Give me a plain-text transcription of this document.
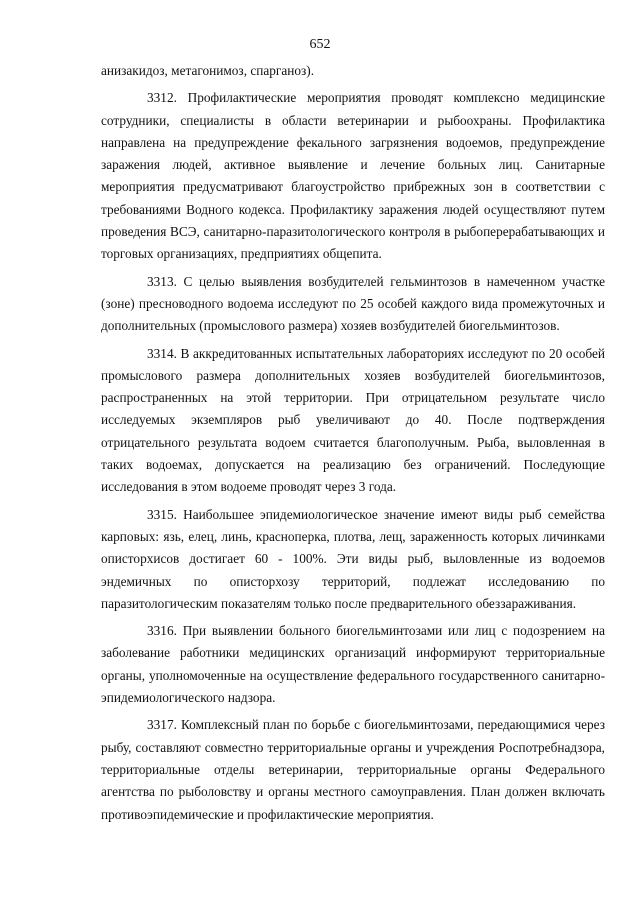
652

анизакидоз, метагонимоз, спарганоз).

3312. Профилактические мероприятия проводят комплексно медицинские сотрудники, специалисты в области ветеринарии и рыбоохраны. Профилактика направлена на предупреждение фекального загрязнения водоемов, предупреждение заражения людей, активное выявление и лечение больных лиц. Санитарные мероприятия предусматривают благоустройство прибрежных зон в соответствии с требованиями Водного кодекса. Профилактику заражения людей осуществляют путем проведения ВСЭ, санитарно-паразитологического контроля в рыбоперерабатывающих и торговых организациях, предприятиях общепита.

3313. С целью выявления возбудителей гельминтозов в намеченном участке (зоне) пресноводного водоема исследуют по 25 особей каждого вида промежуточных и дополнительных (промыслового размера) хозяев возбудителей биогельминтозов.

3314. В аккредитованных испытательных лабораториях исследуют по 20 особей промыслового размера дополнительных хозяев возбудителей биогельминтозов, распространенных на этой территории. При отрицательном результате число исследуемых экземпляров рыб увеличивают до 40. После подтверждения отрицательного результата водоем считается благополучным. Рыба, выловленная в таких водоемах, допускается на реализацию без ограничений. Последующие исследования в этом водоеме проводят через 3 года.

3315. Наибольшее эпидемиологическое значение имеют виды рыб семейства карповых: язь, елец, линь, красноперка, плотва, лещ, зараженность которых личинками описторхисов достигает 60 - 100%. Эти виды рыб, выловленные из водоемов эндемичных по описторхозу территорий, подлежат исследованию по паразитологическим показателям только после предварительного обеззараживания.

3316. При выявлении больного биогельминтозами или лиц с подозрением на заболевание работники медицинских организаций информируют территориальные органы, уполномоченные на осуществление федерального государственного санитарно-эпидемиологического надзора.

3317. Комплексный план по борьбе с биогельминтозами, передающимися через рыбу, составляют совместно территориальные органы и учреждения Роспотребнадзора, территориальные отделы ветеринарии, территориальные органы Федерального агентства по рыболовству и органы местного самоуправления. План должен включать противоэпидемические и профилактические мероприятия.
